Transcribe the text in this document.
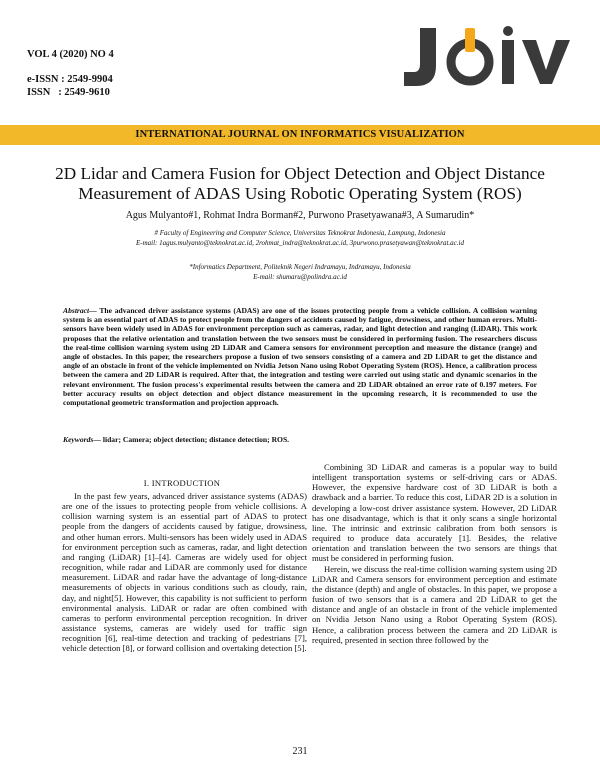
VOL 4 (2020) NO 4
e-ISSN : 2549-9904
ISSN   : 2549-9610
INTERNATIONAL JOURNAL ON INFORMATICS VISUALIZATION
2D Lidar and Camera Fusion for Object Detection and Object Distance
Measurement of ADAS Using Robotic Operating System (ROS)
Agus Mulyanto#1, Rohmat Indra Borman#2, Purwono Prasetyawana#3, A Sumarudin*
# Faculty of Engineering and Computer Science, Universitas Teknokrat Indonesia, Lampung, Indonesia
E-mail: 1agus.mulyanto@teknokrat.ac.id, 2rohmat_indra@teknokrat.ac.id, 3purwono.prasetyawan@teknokrat.ac.id
*Informatics Department, Politeknik Negeri Indramayu, Indramayu, Indonesia
E-mail: shumaru@polindra.ac.id
Abstract— The advanced driver assistance systems (ADAS) are one of the issues protecting people from a vehicle collision. A collision warning system is an essential part of ADAS to protect people from the dangers of accidents caused by fatigue, drowsiness, and other human errors. Multi-sensors have been widely used in ADAS for environment perception such as cameras, radar, and light detection and ranging (LiDAR). This work proposes that the relative orientation and translation between the two sensors must be considered in performing fusion. The researchers discuss the real-time collision warning system using 2D LiDAR and Camera sensors for environment perception and measure the distance (range) and angle of obstacles. In this paper, the researchers propose a fusion of two sensors consisting of a camera and 2D LiDAR to get the distance and angle of an obstacle in front of the vehicle implemented on Nvidia Jetson Nano using Robot Operating System (ROS). Hence, a calibration process between the camera and 2D LiDAR is required. After that, the integration and testing were carried out using static and dynamic scenarios in the relevant environment. The fusion process's experimental results between the camera and 2D LiDAR obtained an error rate of 0.197 meters. For better accuracy results on object detection and object distance measurement in the upcoming research, it is recommended to use the computational geometric transformation and projection approach.
Keywords— lidar; Camera; object detection; distance detection; ROS.
I. INTRODUCTION

In the past few years, advanced driver assistance systems (ADAS) are one of the issues to protecting people from vehicle collisions. A collision warning system is an essential part of ADAS to protect people from the dangers of accidents caused by fatigue, drowsiness, and other human errors. Multi-sensors has been widely used in ADAS for environment perception such as cameras, radar, and light detection and ranging (LiDAR) [1]–[4]. Cameras are widely used for object recognition, while radar and LiDAR are commonly used for distance measurement. LiDAR and radar have the advantage of long-distance measurements of objects in various conditions such as cloudy, rain, day, and night[5]. However, this capability is not sufficient to perform environmental analysis. LiDAR or radar are often combined with cameras to perform environmental perception recognition. In driver assistance systems, cameras are widely used for traffic sign recognition [6], real-time detection and tracking of pedestrians [7], vehicle detection [8], or forward collision and overtaking detection [5].

Combining 3D LiDAR and cameras is a popular way to build intelligent transportation systems or self-driving cars or ADAS. However, the expensive hardware cost of 3D LiDAR is both a drawback and a barrier. To reduce this cost, LiDAR 2D is a solution in developing a low-cost driver assistance system. However, 2D LiDAR has one disadvantage, which is that it only scans a single horizontal line. The intrinsic and extrinsic calibration from both sensors is required to produce data accurately [1]. Besides, the relative orientation and translation between the two sensors are things that must be considered in performing fusion.

Herein, we discuss the real-time collision warning system using 2D LiDAR and Camera sensors for environment perception and estimate the distance (depth) and angle of obstacles. In this paper, we propose a fusion of two sensors that is a camera and 2D LiDAR to get the distance and angle of an obstacle in front of the vehicle implemented on Nvidia Jetson Nano using a Robot Operating System (ROS). Hence, a calibration process between the camera and 2D LiDAR is required, presented in section three followed by the

231
